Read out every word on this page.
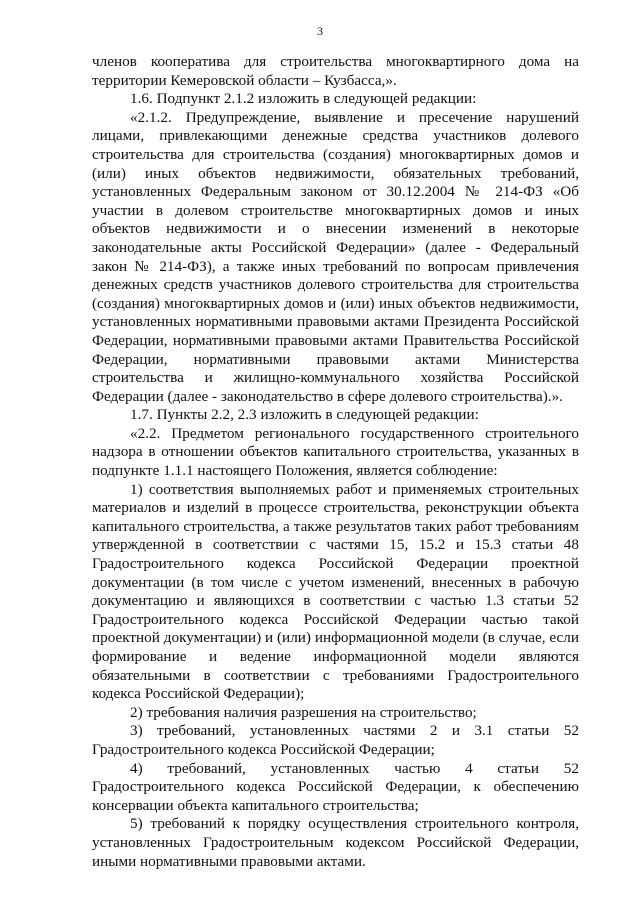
3

членов кооператива для строительства многоквартирного дома на территории Кемеровской области – Кузбасса,».

1.6. Подпункт 2.1.2 изложить в следующей редакции:

«2.1.2. Предупреждение, выявление и пресечение нарушений лицами, привлекающими денежные средства участников долевого строительства для строительства (создания) многоквартирных домов и (или) иных объектов недвижимости, обязательных требований, установленных Федеральным законом от 30.12.2004 № 214-ФЗ «Об участии в долевом строительстве многоквартирных домов и иных объектов недвижимости и о внесении изменений в некоторые законодательные акты Российской Федерации» (далее - Федеральный закон № 214-ФЗ), а также иных требований по вопросам привлечения денежных средств участников долевого строительства для строительства (создания) многоквартирных домов и (или) иных объектов недвижимости, установленных нормативными правовыми актами Президента Российской Федерации, нормативными правовыми актами Правительства Российской Федерации, нормативными правовыми актами Министерства строительства и жилищно-коммунального хозяйства Российской Федерации (далее - законодательство в сфере долевого строительства).».

1.7. Пункты 2.2, 2.3 изложить в следующей редакции:

«2.2. Предметом регионального государственного строительного надзора в отношении объектов капитального строительства, указанных в подпункте 1.1.1 настоящего Положения, является соблюдение:

1) соответствия выполняемых работ и применяемых строительных материалов и изделий в процессе строительства, реконструкции объекта капитального строительства, а также результатов таких работ требованиям утвержденной в соответствии с частями 15, 15.2 и 15.3 статьи 48 Градостроительного кодекса Российской Федерации проектной документации (в том числе с учетом изменений, внесенных в рабочую документацию и являющихся в соответствии с частью 1.3 статьи 52 Градостроительного кодекса Российской Федерации частью такой проектной документации) и (или) информационной модели (в случае, если формирование и ведение информационной модели являются обязательными в соответствии с требованиями Градостроительного кодекса Российской Федерации);

2) требования наличия разрешения на строительство;

3) требований, установленных частями 2 и 3.1 статьи 52 Градостроительного кодекса Российской Федерации;

4) требований, установленных частью 4 статьи 52 Градостроительного кодекса Российской Федерации, к обеспечению консервации объекта капитального строительства;

5) требований к порядку осуществления строительного контроля, установленных Градостроительным кодексом Российской Федерации, иными нормативными правовыми актами.
